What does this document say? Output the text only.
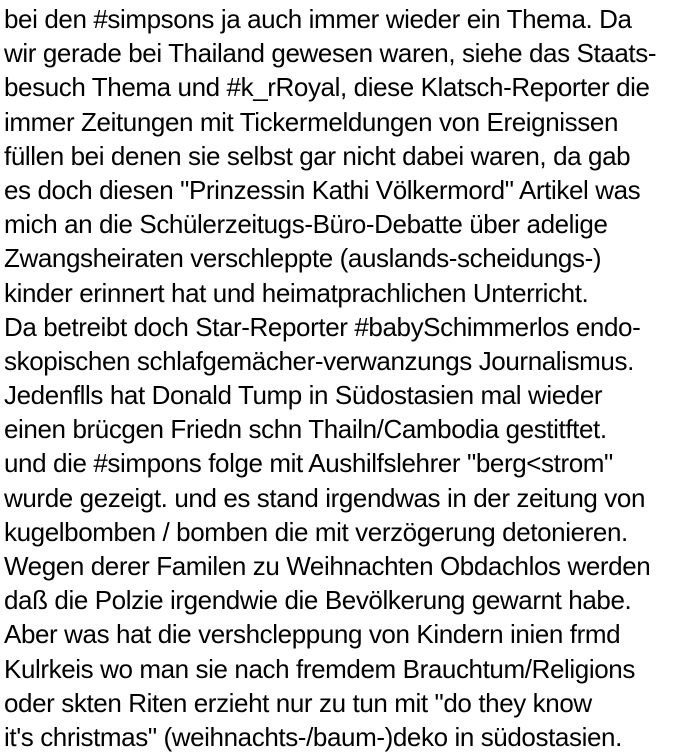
bei den #simpsons ja auch immer wieder ein Thema. Da
wir gerade bei Thailand gewesen waren, siehe das Staats-
besuch Thema und #k_rRoyal, diese Klatsch-Reporter die
immer Zeitungen mit Tickermeldungen von Ereignissen
füllen bei denen sie selbst gar nicht dabei waren, da gab
es doch diesen "Prinzessin Kathi Völkermord" Artikel was
mich an die Schülerzeitugs-Büro-Debatte über adelige
Zwangsheiraten verschleppte (auslands-scheidungs-)
kinder erinnert hat und heimatprachlichen Unterricht.
Da betreibt doch Star-Reporter #babySchimmerlos endo-
skopischen schlafgemächer-verwanzungs Journalismus.
Jedenflls hat Donald Tump in Südostasien mal wieder
einen brücgen Friedn schn Thailn/Cambodia gestitftet.
und die #simpons folge mit Aushilfslehrer "berg<strom"
wurde gezeigt. und es stand irgendwas in der zeitung von
kugelbomben / bomben die mit verzögerung detonieren.
Wegen derer Familen zu Weihnachten Obdachlos werden
daß die Polzie irgendwie die Bevölkerung gewarnt habe.
Aber was hat die vershcleppung von Kindern inien frmd
Kulrkeis wo man sie nach fremdem Brauchtum/Religions
oder skten Riten erzieht nur zu tun mit "do they know
it's christmas" (weihnachts-/baum-)deko in südostasien.
